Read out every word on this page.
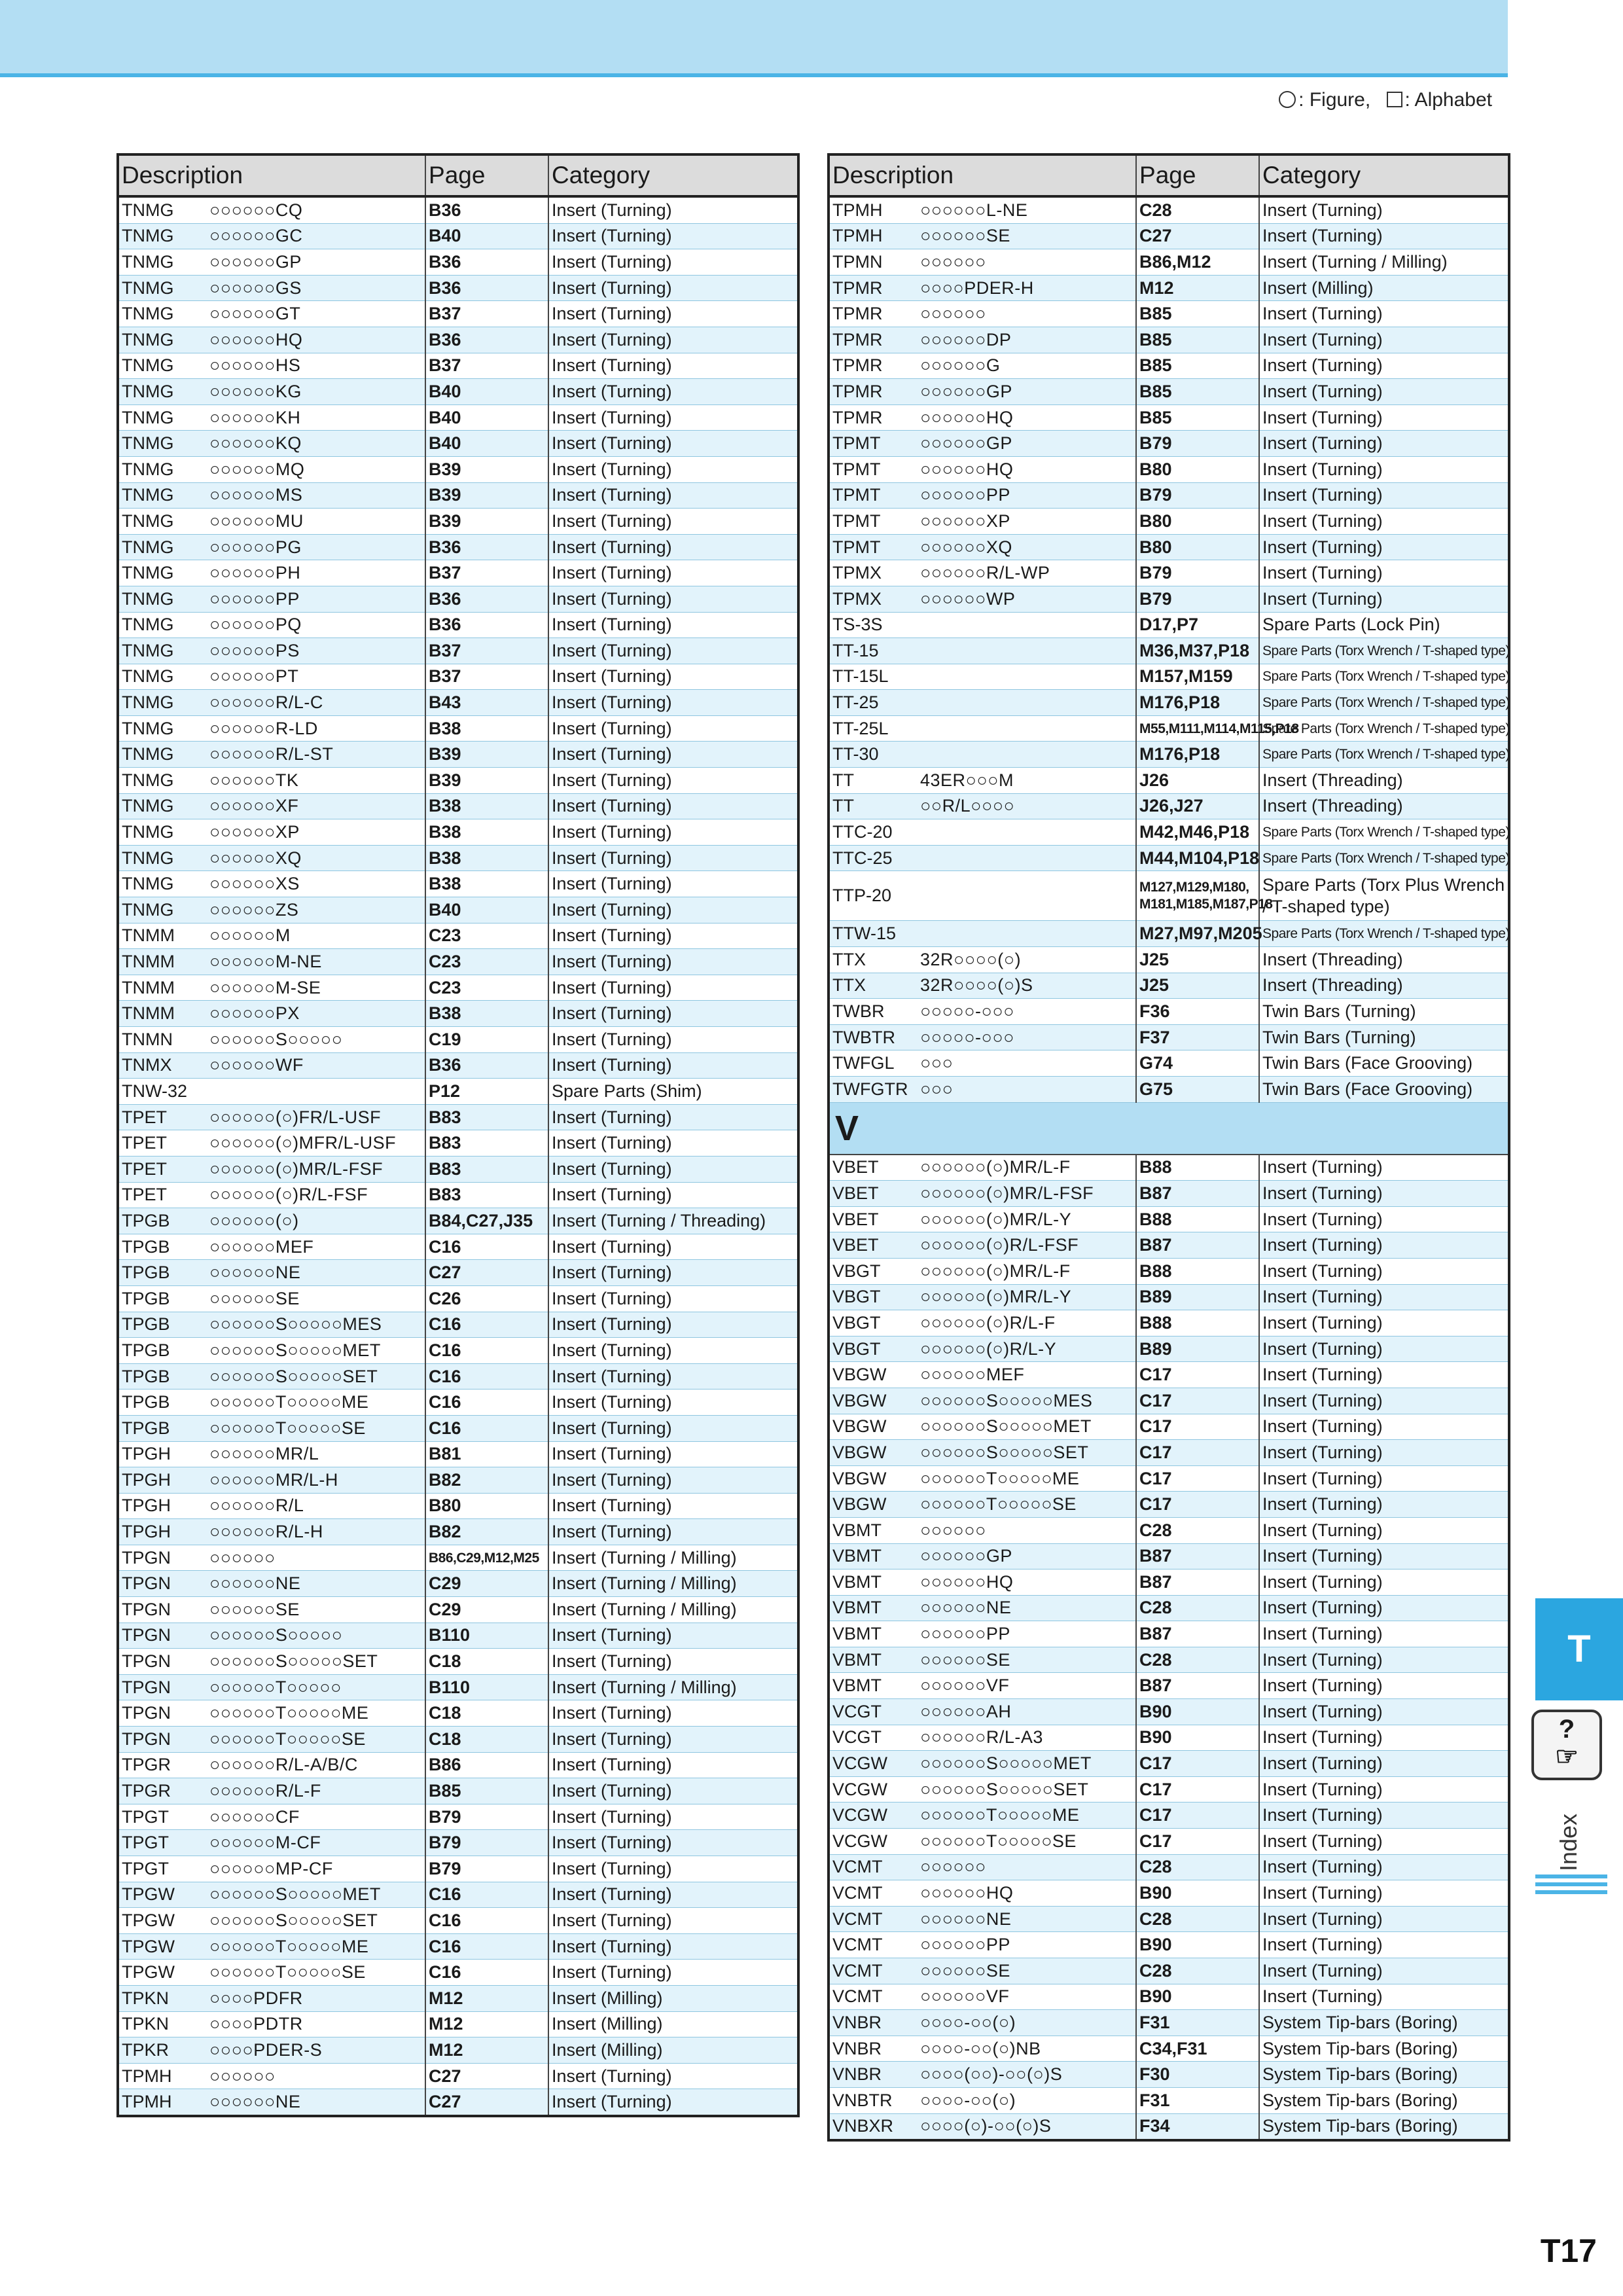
: Figure, : Alphabet
Description		Page	Category
TNMG	○○○○○○CQ	B36	Insert (Turning)
TNMG	○○○○○○GC	B40	Insert (Turning)
TNMG	○○○○○○GP	B36	Insert (Turning)
TNMG	○○○○○○GS	B36	Insert (Turning)
TNMG	○○○○○○GT	B37	Insert (Turning)
TNMG	○○○○○○HQ	B36	Insert (Turning)
TNMG	○○○○○○HS	B37	Insert (Turning)
TNMG	○○○○○○KG	B40	Insert (Turning)
TNMG	○○○○○○KH	B40	Insert (Turning)
TNMG	○○○○○○KQ	B40	Insert (Turning)
TNMG	○○○○○○MQ	B39	Insert (Turning)
TNMG	○○○○○○MS	B39	Insert (Turning)
TNMG	○○○○○○MU	B39	Insert (Turning)
TNMG	○○○○○○PG	B36	Insert (Turning)
TNMG	○○○○○○PH	B37	Insert (Turning)
TNMG	○○○○○○PP	B36	Insert (Turning)
TNMG	○○○○○○PQ	B36	Insert (Turning)
TNMG	○○○○○○PS	B37	Insert (Turning)
TNMG	○○○○○○PT	B37	Insert (Turning)
TNMG	○○○○○○R/L-C	B43	Insert (Turning)
TNMG	○○○○○○R-LD	B38	Insert (Turning)
TNMG	○○○○○○R/L-ST	B39	Insert (Turning)
TNMG	○○○○○○TK	B39	Insert (Turning)
TNMG	○○○○○○XF	B38	Insert (Turning)
TNMG	○○○○○○XP	B38	Insert (Turning)
TNMG	○○○○○○XQ	B38	Insert (Turning)
TNMG	○○○○○○XS	B38	Insert (Turning)
TNMG	○○○○○○ZS	B40	Insert (Turning)
TNMM	○○○○○○M	C23	Insert (Turning)
TNMM	○○○○○○M-NE	C23	Insert (Turning)
TNMM	○○○○○○M-SE	C23	Insert (Turning)
TNMM	○○○○○○PX	B38	Insert (Turning)
TNMN	○○○○○○S○○○○○	C19	Insert (Turning)
TNMX	○○○○○○WF	B36	Insert (Turning)
TNW-32		P12	Spare Parts (Shim)
TPET	○○○○○○(○)FR/L-USF	B83	Insert (Turning)
TPET	○○○○○○(○)MFR/L-USF	B83	Insert (Turning)
TPET	○○○○○○(○)MR/L-FSF	B83	Insert (Turning)
TPET	○○○○○○(○)R/L-FSF	B83	Insert (Turning)
TPGB	○○○○○○(○)	B84,C27,J35	Insert (Turning / Threading)
TPGB	○○○○○○MEF	C16	Insert (Turning)
TPGB	○○○○○○NE	C27	Insert (Turning)
TPGB	○○○○○○SE	C26	Insert (Turning)
TPGB	○○○○○○S○○○○○MES	C16	Insert (Turning)
TPGB	○○○○○○S○○○○○MET	C16	Insert (Turning)
TPGB	○○○○○○S○○○○○SET	C16	Insert (Turning)
TPGB	○○○○○○T○○○○○ME	C16	Insert (Turning)
TPGB	○○○○○○T○○○○○SE	C16	Insert (Turning)
TPGH	○○○○○○MR/L	B81	Insert (Turning)
TPGH	○○○○○○MR/L-H	B82	Insert (Turning)
TPGH	○○○○○○R/L	B80	Insert (Turning)
TPGH	○○○○○○R/L-H	B82	Insert (Turning)
TPGN	○○○○○○	B86,C29,M12,M25	Insert (Turning / Milling)
TPGN	○○○○○○NE	C29	Insert (Turning / Milling)
TPGN	○○○○○○SE	C29	Insert (Turning / Milling)
TPGN	○○○○○○S○○○○○	B110	Insert (Turning)
TPGN	○○○○○○S○○○○○SET	C18	Insert (Turning)
TPGN	○○○○○○T○○○○○	B110	Insert (Turning / Milling)
TPGN	○○○○○○T○○○○○ME	C18	Insert (Turning)
TPGN	○○○○○○T○○○○○SE	C18	Insert (Turning)
TPGR	○○○○○○R/L-A/B/C	B86	Insert (Turning)
TPGR	○○○○○○R/L-F	B85	Insert (Turning)
TPGT	○○○○○○CF	B79	Insert (Turning)
TPGT	○○○○○○M-CF	B79	Insert (Turning)
TPGT	○○○○○○MP-CF	B79	Insert (Turning)
TPGW	○○○○○○S○○○○○MET	C16	Insert (Turning)
TPGW	○○○○○○S○○○○○SET	C16	Insert (Turning)
TPGW	○○○○○○T○○○○○ME	C16	Insert (Turning)
TPGW	○○○○○○T○○○○○SE	C16	Insert (Turning)
TPKN	○○○○PDFR	M12	Insert (Milling)
TPKN	○○○○PDTR	M12	Insert (Milling)
TPKR	○○○○PDER-S	M12	Insert (Milling)
TPMH	○○○○○○	C27	Insert (Turning)
TPMH	○○○○○○NE	C27	Insert (Turning)
Description		Page	Category
TPMH	○○○○○○L-NE	C28	Insert (Turning)
TPMH	○○○○○○SE	C27	Insert (Turning)
TPMN	○○○○○○	B86,M12	Insert (Turning / Milling)
TPMR	○○○○PDER-H	M12	Insert (Milling)
TPMR	○○○○○○	B85	Insert (Turning)
TPMR	○○○○○○DP	B85	Insert (Turning)
TPMR	○○○○○○G	B85	Insert (Turning)
TPMR	○○○○○○GP	B85	Insert (Turning)
TPMR	○○○○○○HQ	B85	Insert (Turning)
TPMT	○○○○○○GP	B79	Insert (Turning)
TPMT	○○○○○○HQ	B80	Insert (Turning)
TPMT	○○○○○○PP	B79	Insert (Turning)
TPMT	○○○○○○XP	B80	Insert (Turning)
TPMT	○○○○○○XQ	B80	Insert (Turning)
TPMX	○○○○○○R/L-WP	B79	Insert (Turning)
TPMX	○○○○○○WP	B79	Insert (Turning)
TS-3S		D17,P7	Spare Parts (Lock Pin)
TT-15		M36,M37,P18	Spare Parts (Torx Wrench / T-shaped type)
TT-15L		M157,M159	Spare Parts (Torx Wrench / T-shaped type)
TT-25		M176,P18	Spare Parts (Torx Wrench / T-shaped type)
TT-25L		M55,M111,M114,M115,P18	Spare Parts (Torx Wrench / T-shaped type)
TT-30		M176,P18	Spare Parts (Torx Wrench / T-shaped type)
TT	43ER○○○M	J26	Insert (Threading)
TT	○○R/L○○○○	J26,J27	Insert (Threading)
TTC-20		M42,M46,P18	Spare Parts (Torx Wrench / T-shaped type)
TTC-25		M44,M104,P18	Spare Parts (Torx Wrench / T-shaped type)
TTP-20		M127,M129,M180, M181,M185,M187,P18	Spare Parts (Torx Plus Wrench / T-shaped type)
TTW-15		M27,M97,M205	Spare Parts (Torx Wrench / T-shaped type)
TTX	32R○○○○(○)	J25	Insert (Threading)
TTX	32R○○○○(○)S	J25	Insert (Threading)
TWBR	○○○○○-○○○	F36	Twin Bars (Turning)
TWBTR	○○○○○-○○○	F37	Twin Bars (Turning)
TWFGL	○○○	G74	Twin Bars (Face Grooving)
TWFGTR	○○○	G75	Twin Bars (Face Grooving)
V			
VBET	○○○○○○(○)MR/L-F	B88	Insert (Turning)
VBET	○○○○○○(○)MR/L-FSF	B87	Insert (Turning)
VBET	○○○○○○(○)MR/L-Y	B88	Insert (Turning)
VBET	○○○○○○(○)R/L-FSF	B87	Insert (Turning)
VBGT	○○○○○○(○)MR/L-F	B88	Insert (Turning)
VBGT	○○○○○○(○)MR/L-Y	B89	Insert (Turning)
VBGT	○○○○○○(○)R/L-F	B88	Insert (Turning)
VBGT	○○○○○○(○)R/L-Y	B89	Insert (Turning)
VBGW	○○○○○○MEF	C17	Insert (Turning)
VBGW	○○○○○○S○○○○○MES	C17	Insert (Turning)
VBGW	○○○○○○S○○○○○MET	C17	Insert (Turning)
VBGW	○○○○○○S○○○○○SET	C17	Insert (Turning)
VBGW	○○○○○○T○○○○○ME	C17	Insert (Turning)
VBGW	○○○○○○T○○○○○SE	C17	Insert (Turning)
VBMT	○○○○○○	C28	Insert (Turning)
VBMT	○○○○○○GP	B87	Insert (Turning)
VBMT	○○○○○○HQ	B87	Insert (Turning)
VBMT	○○○○○○NE	C28	Insert (Turning)
VBMT	○○○○○○PP	B87	Insert (Turning)
VBMT	○○○○○○SE	C28	Insert (Turning)
VBMT	○○○○○○VF	B87	Insert (Turning)
VCGT	○○○○○○AH	B90	Insert (Turning)
VCGT	○○○○○○R/L-A3	B90	Insert (Turning)
VCGW	○○○○○○S○○○○○MET	C17	Insert (Turning)
VCGW	○○○○○○S○○○○○SET	C17	Insert (Turning)
VCGW	○○○○○○T○○○○○ME	C17	Insert (Turning)
VCGW	○○○○○○T○○○○○SE	C17	Insert (Turning)
VCMT	○○○○○○	C28	Insert (Turning)
VCMT	○○○○○○HQ	B90	Insert (Turning)
VCMT	○○○○○○NE	C28	Insert (Turning)
VCMT	○○○○○○PP	B90	Insert (Turning)
VCMT	○○○○○○SE	C28	Insert (Turning)
VCMT	○○○○○○VF	B90	Insert (Turning)
VNBR	○○○○-○○(○)	F31	System Tip-bars (Boring)
VNBR	○○○○-○○(○)NB	C34,F31	System Tip-bars (Boring)
VNBR	○○○○(○○)-○○(○)S	F30	System Tip-bars (Boring)
VNBTR	○○○○-○○(○)	F31	System Tip-bars (Boring)
VNBXR	○○○○(○)-○○(○)S	F34	System Tip-bars (Boring)
T
?
☞
Index
T17
